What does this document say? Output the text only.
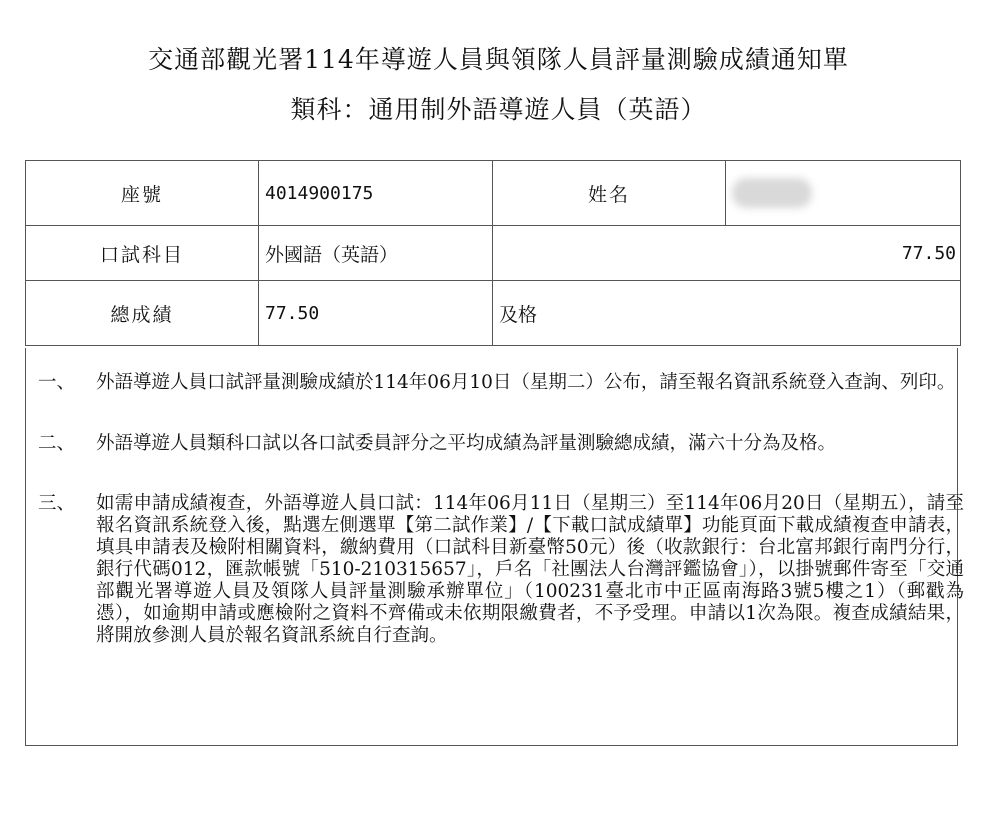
交通部觀光署114年導遊人員與領隊人員評量測驗成績通知單
類科：通用制外語導遊人員（英語）
座號	4014900175	姓名	
口試科目	外國語（英語）	77.50	
總成績	77.50	及格	
一、 外語導遊人員口試評量測驗成績於114年06月10日（星期二）公布，請至報名資訊系統登入查詢、列印。
二、 外語導遊人員類科口試以各口試委員評分之平均成績為評量測驗總成績，滿六十分為及格。
三、 如需申請成績複查，外語導遊人員口試：114年06月11日（星期三）至114年06月20日（星期五），請至報名資訊系統登入後，點選左側選單【第二試作業】/【下載口試成績單】功能頁面下載成績複查申請表，填具申請表及檢附相關資料，繳納費用（口試科目新臺幣50元）後（收款銀行：台北富邦銀行南門分行，銀行代碼012，匯款帳號「510-210315657」，戶名「社團法人台灣評鑑協會」），以掛號郵件寄至「交通部觀光署導遊人員及領隊人員評量測驗承辦單位」（100231臺北市中正區南海路3號5樓之1）（郵戳為憑），如逾期申請或應檢附之資料不齊備或未依期限繳費者，不予受理。申請以1次為限。複查成績結果，將開放參測人員於報名資訊系統自行查詢。
